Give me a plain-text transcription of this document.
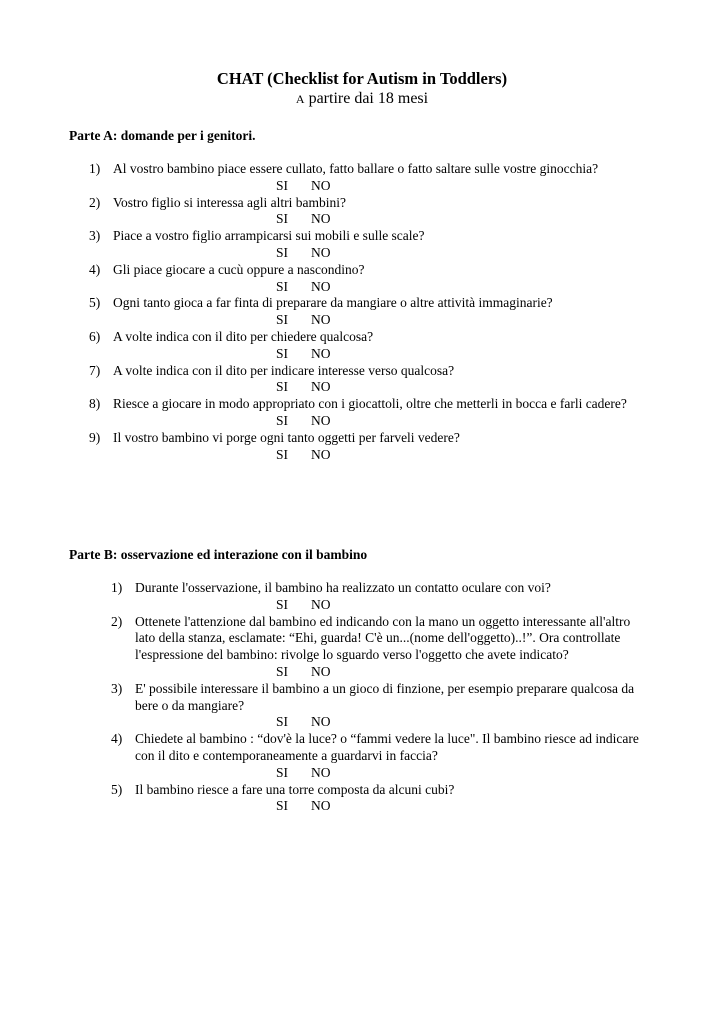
CHAT (Checklist for Autism in Toddlers)
A partire dai 18 mesi
Parte A: domande per i genitori.
1) Al vostro bambino piace essere cullato, fatto ballare o fatto saltare sulle vostre ginocchia?
SI NO
2) Vostro figlio si interessa agli altri bambini?
SI NO
3) Piace a vostro figlio arrampicarsi sui mobili e sulle scale?
SI NO
4) Gli piace giocare a cucù oppure a nascondino?
SI NO
5) Ogni tanto gioca a far finta di preparare da mangiare o altre attività immaginarie?
SI NO
6) A volte indica con il dito per chiedere qualcosa?
SI NO
7) A volte indica con il dito per indicare interesse verso qualcosa?
SI NO
8) Riesce a giocare in modo appropriato con i giocattoli, oltre che metterli in bocca e farli cadere?
SI NO
9) Il vostro bambino vi porge ogni tanto oggetti per farveli vedere?
SI NO
Parte B: osservazione ed interazione con il bambino
1) Durante l'osservazione, il bambino ha realizzato un contatto oculare con voi?
SI NO
2) Ottenete l'attenzione dal bambino ed indicando con la mano un oggetto interessante all'altro lato della stanza, esclamate: “Ehi, guarda! C'è un...(nome dell'oggetto)..!”. Ora controllate l'espressione del bambino: rivolge lo sguardo verso l'oggetto che avete indicato?
SI NO
3) E' possibile interessare il bambino a un gioco di finzione, per esempio preparare qualcosa da bere o da mangiare?
SI NO
4) Chiedete al bambino : “dov'è la luce? o “fammi vedere la luce". Il bambino riesce ad indicare con il dito e contemporaneamente a guardarvi in faccia?
SI NO
5) Il bambino riesce a fare una torre composta da alcuni cubi?
SI NO
